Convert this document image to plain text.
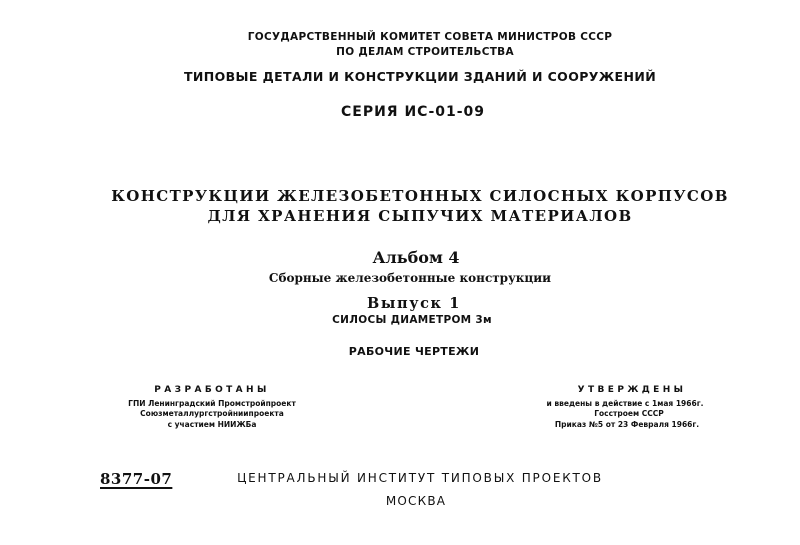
ГОСУДАРСТВЕННЫЙ КОМИТЕТ СОВЕТА МИНИСТРОВ СССР
ПО ДЕЛАМ СТРОИТЕЛЬСТВА
ТИПОВЫЕ ДЕТАЛИ И КОНСТРУКЦИИ ЗДАНИЙ И СООРУЖЕНИЙ
СЕРИЯ ИС-01-09
КОНСТРУКЦИИ ЖЕЛЕЗОБЕТОННЫХ СИЛОСНЫХ КОРПУСОВ
ДЛЯ ХРАНЕНИЯ СЫПУЧИХ МАТЕРИАЛОВ
Альбом 4
Сборные железобетонные конструкции
Выпуск 1
СИЛОСЫ ДИАМЕТРОМ 3м
РАБОЧИЕ ЧЕРТЕЖИ
РАЗРАБОТАНЫ
ГПИ Ленинградский Промстройпроект
Союзметаллургстройниипроекта
с участием НИИЖБа
УТВЕРЖДЕНЫ
и введены в действие с 1мая 1966г.
Госстроем СССР
Приказ №5 от 23 Февраля 1966г.
8377-07	ЦЕНТРАЛЬНЫЙ ИНСТИТУТ ТИПОВЫХ ПРОЕКТОВ
МОСКВА
